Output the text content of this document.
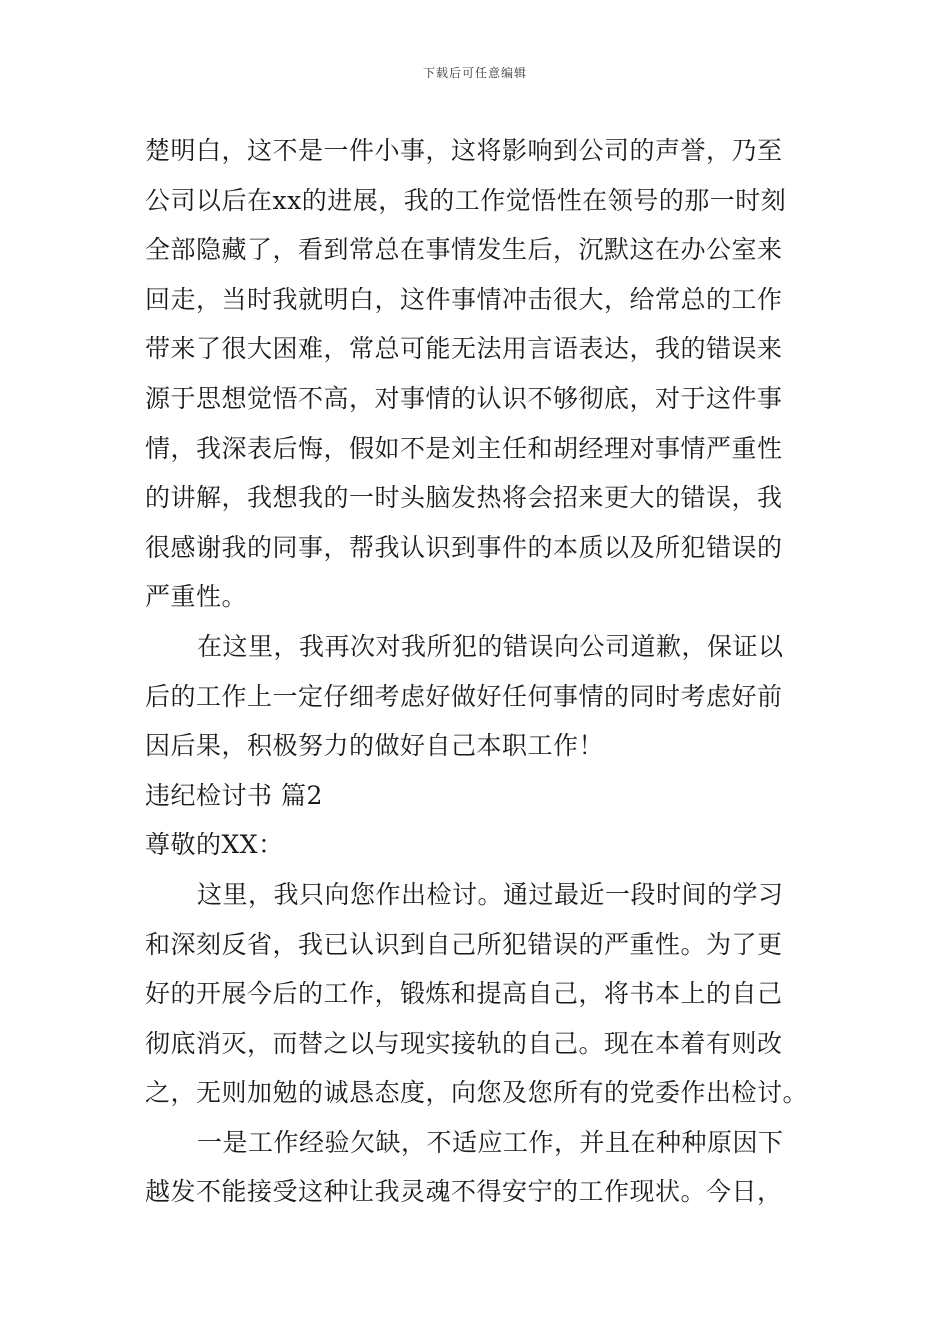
下载后可任意编辑
楚明白，这不是一件小事，这将影响到公司的声誉，乃至
公司以后在xx的进展，我的工作觉悟性在领号的那一时刻
全部隐藏了，看到常总在事情发生后，沉默这在办公室来
回走，当时我就明白，这件事情冲击很大，给常总的工作
带来了很大困难，常总可能无法用言语表达，我的错误来
源于思想觉悟不高，对事情的认识不够彻底，对于这件事
情，我深表后悔，假如不是刘主任和胡经理对事情严重性
的讲解，我想我的一时头脑发热将会招来更大的错误，我
很感谢我的同事，帮我认识到事件的本质以及所犯错误的
严重性。
在这里，我再次对我所犯的错误向公司道歉，保证以
后的工作上一定仔细考虑好做好任何事情的同时考虑好前
因后果，积极努力的做好自己本职工作！
违纪检讨书 篇2
尊敬的XX：
这里，我只向您作出检讨。通过最近一段时间的学习
和深刻反省，我已认识到自己所犯错误的严重性。为了更
好的开展今后的工作，锻炼和提高自己，将书本上的自己
彻底消灭，而替之以与现实接轨的自己。现在本着有则改
之，无则加勉的诚恳态度，向您及您所有的党委作出检讨。
一是工作经验欠缺，不适应工作，并且在种种原因下
越发不能接受这种让我灵魂不得安宁的工作现状。今日，
